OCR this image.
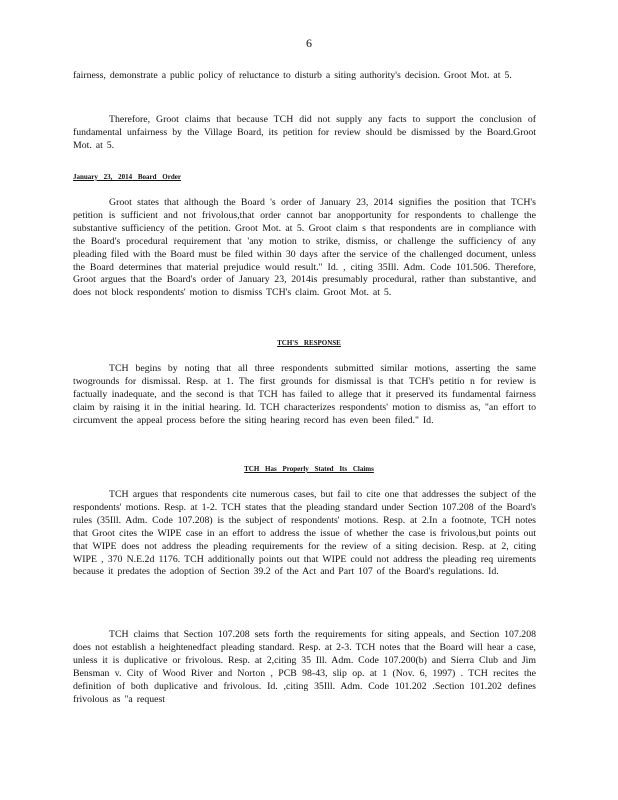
6
fairness, demonstrate a public policy of reluctance to disturb a siting authority's decision. Groot Mot. at 5.
Therefore, Groot claims that because TCH did not supply any facts to support the conclusion of fundamental unfairness by the Village Board, its petition for review should be dismissed by the Board.Groot Mot. at 5.
January 23, 2014 Board Order
Groot states that although the Board 's order of January 23, 2014 signifies the position that TCH's petition is sufficient and not frivolous,that order cannot bar anopportunity for respondents to challenge the substantive sufficiency of the petition. Groot Mot. at 5. Groot claim s that respondents are in compliance with the Board's procedural requirement that 'any motion to strike, dismiss, or challenge the sufficiency of any pleading filed with the Board must be filed within 30 days after the service of the challenged document, unless the Board determines that material prejudice would result." Id. , citing 35Ill. Adm. Code 101.506. Therefore, Groot argues that the Board's order of January 23, 2014is presumably procedural, rather than substantive, and does not block respondents' motion to dismiss TCH's claim. Groot Mot. at 5.
TCH'S RESPONSE
TCH begins by noting that all three respondents submitted similar motions, asserting the same twogrounds for dismissal. Resp. at 1. The first grounds for dismissal is that TCH's petitio n for review is factually inadequate, and the second is that TCH has failed to allege that it preserved its fundamental fairness claim by raising it in the initial hearing. Id. TCH characterizes respondents' motion to dismiss as, "an effort to circumvent the appeal process before the siting hearing record has even been filed." Id.
TCH Has Properly Stated Its Claims
TCH argues that respondents cite numerous cases, but fail to cite one that addresses the subject of the respondents' motions. Resp. at 1-2. TCH states that the pleading standard under Section 107.208 of the Board's rules (35Ill. Adm. Code 107.208) is the subject of respondents' motions. Resp. at 2.In a footnote, TCH notes that Groot cites the WIPE case in an effort to address the issue of whether the case is frivolous,but points out that WIPE does not address the pleading requirements for the review of a siting decision. Resp. at 2, citing WIPE , 370 N.E.2d 1176. TCH additionally points out that WIPE could not address the pleading req uirements because it predates the adoption of Section 39.2 of the Act and Part 107 of the Board's regulations. Id.
TCH claims that Section 107.208 sets forth the requirements for siting appeals, and Section 107.208 does not establish a heightenedfact pleading standard. Resp. at 2-3. TCH notes that the Board will hear a case, unless it is duplicative or frivolous. Resp. at 2,citing 35 Ill. Adm. Code 107.200(b) and Sierra Club and Jim Bensman v. City of Wood River and Norton , PCB 98-43, slip op. at 1 (Nov. 6, 1997) . TCH recites the definition of both duplicative and frivolous. Id. ,citing 35Ill. Adm. Code 101.202 .Section 101.202 defines frivolous as "a request
